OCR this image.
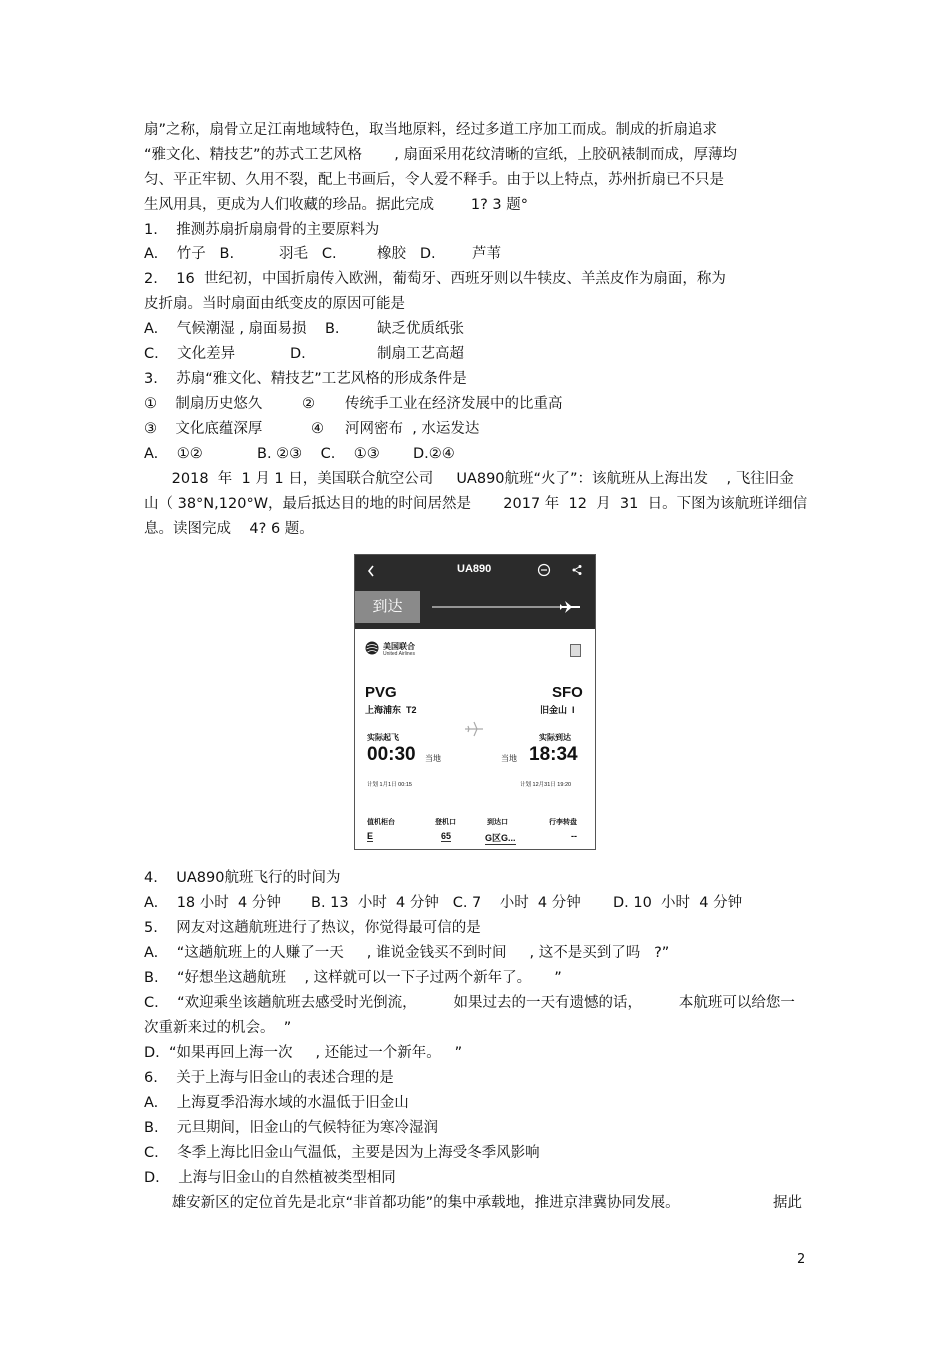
扇”之称，扇骨立足江南地域特色，取当地原料，经过多道工序加工而成。制成的折扇追求
“雅文化、精技艺”的苏式工艺风格       , 扇面采用花纹清晰的宣纸，上胶矾裱制而成，厚薄均
匀、平正牢韧、久用不裂，配上书画后，令人爱不释手。由于以上特点，苏州折扇已不只是
生风用具，更成为人们收藏的珍品。据此完成        1? 3 题°
1.    推测苏扇折扇扇骨的主要原料为
A.    竹子   B.	羽毛   C.	橡胶   D.	芦苇
2.    16  世纪初，中国折扇传入欧洲，葡萄牙、西班牙则以牛犊皮、羊羔皮作为扇面，称为
皮折扇。当时扇面由纸变皮的原因可能是
A.    气候潮湿 , 扇面易损    B.	缺乏优质纸张
C.    文化差异	D.	制扇工艺高超
3.    苏扇“雅文化、精技艺”工艺风格的形成条件是
①    制扇历史悠久	② 传统手工业在经济发展中的比重高
③    文化底蕴深厚	④ 河网密布  , 水运发达
A.    ①②	B. ②③    C.    ①③ D.②④
2018  年  1 月 1 日，美国联合航空公司     UA890航班“火了”：该航班从上海出发    , 飞往旧金
山（ 38°N,120°W，最后抵达目的地的时间居然是       2017 年  12  月  31  日。下图为该航班详细信
息。读图完成    4? 6 题。
UA890
到达
美国联合
United Airlines
PVG
上海浦东  T2
SFO
旧金山  I
实际起飞
00:30 当地
实际到达
当地 18:34
计划 1月1日 00:15	计划 12月31日 19:20
值机柜台	登机口	到达口	行李转盘
E	65	G区G...	--
4.    UA890航班飞行的时间为
A.    18 小时  4 分钟 B. 13  小时  4 分钟   C. 7    小时  4 分钟 D. 10  小时  4 分钟
5.    网友对这趟航班进行了热议，你觉得最可信的是
A.    “这趟航班上的人赚了一天     , 谁说金钱买不到时间     , 这不是买到了吗   ?”
B.    “好想坐这趟航班    , 这样就可以一下子过两个新年了。     ”
C.    “欢迎乘坐该趟航班去感受时光倒流，        如果过去的一天有遗憾的话，        本航班可以给您一
次重新来过的机会。  ”
D.  “如果再回上海一次     , 还能过一个新年。   ”
6.    关于上海与旧金山的表述合理的是
A.    上海夏季沿海水域的水温低于旧金山
B.    元旦期间，旧金山的气候特征为寒冷湿润
C.    冬季上海比旧金山气温低，主要是因为上海受冬季风影响
D.    上海与旧金山的自然植被类型相同
雄安新区的定位首先是北京“非首都功能”的集中承载地，推进京津冀协同发展。	据此
2
